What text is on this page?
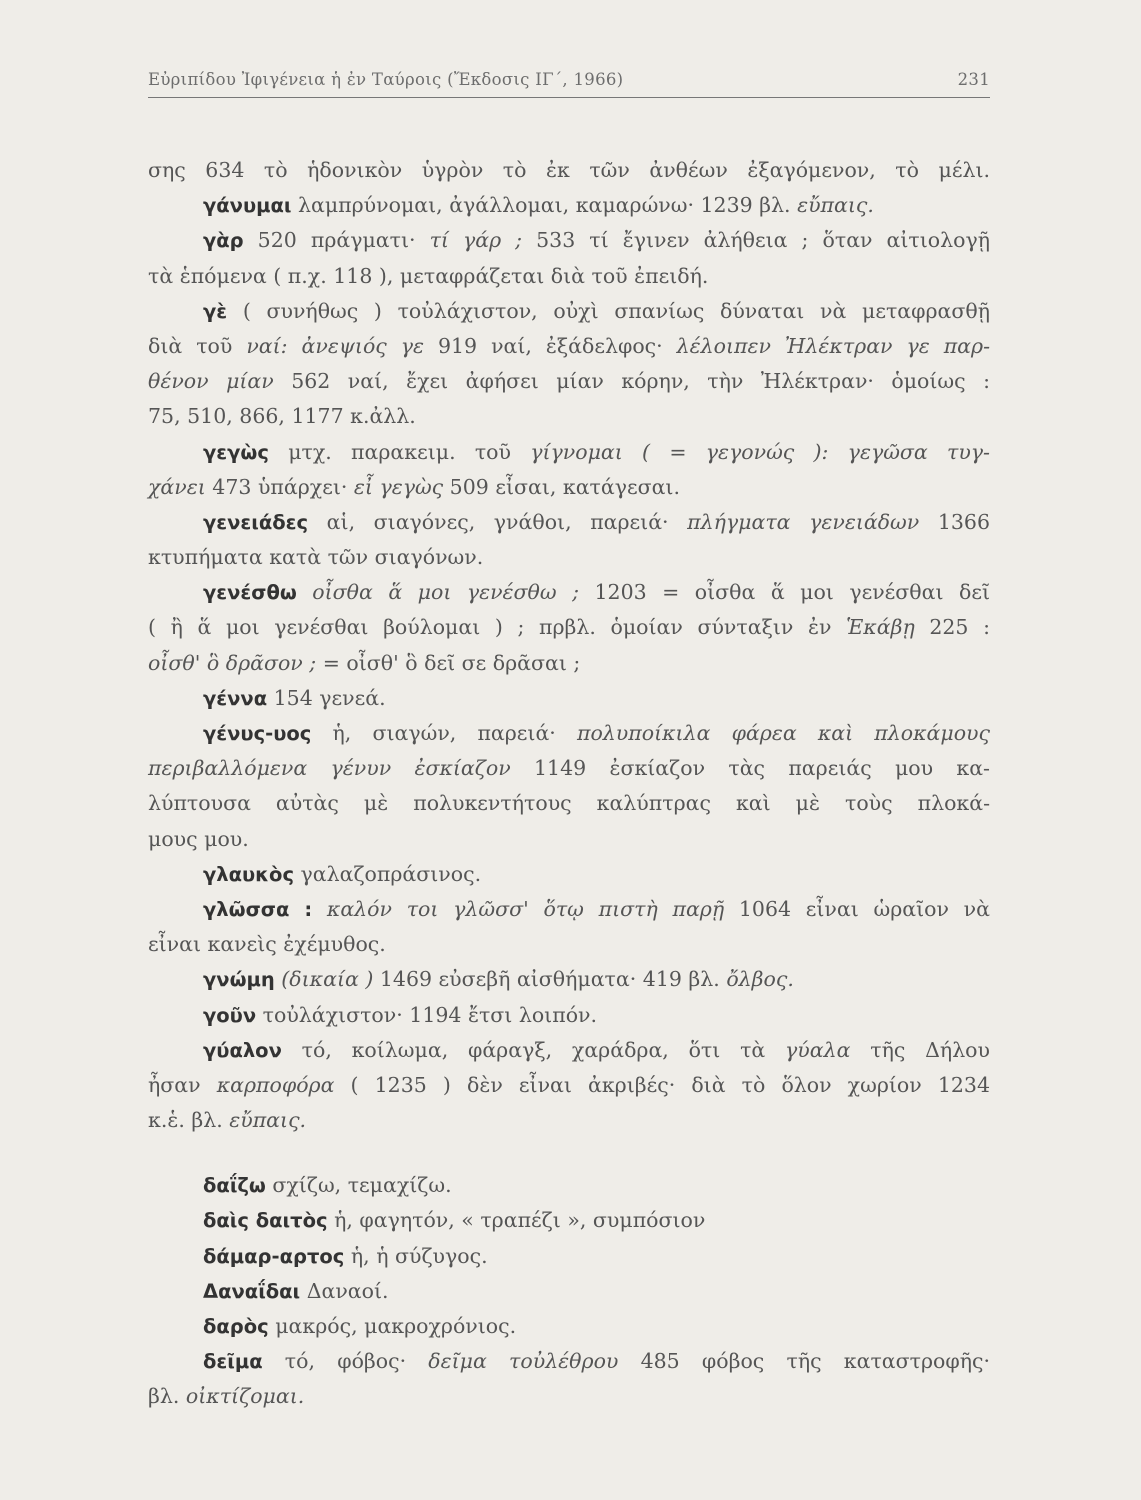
Εὐριπίδου Ἰφιγένεια ἡ ἐν Ταύροις (Ἔκδοσις ΙΓ΄, 1966)	231
σης 634 τὸ ἡδονικὸν ὑγρὸν τὸ ἐκ τῶν ἀνθέων ἐξαγόμενον, τὸ μέλι.
γάνυμαι λαμπρύνομαι, ἀγάλλομαι, καμαρώνω· 1239 βλ. εὔπαις.
γὰρ 520 πράγματι· τί γάρ ; 533 τί ἔγινεν ἀλήθεια ; ὅταν αἰτιολογῇ
τὰ ἑπόμενα ( π.χ. 118 ), μεταφράζεται διὰ τοῦ ἐπειδή.
γὲ ( συνήθως ) τοὐλάχιστον, οὐχὶ σπανίως δύναται νὰ μεταφρασθῇ
διὰ τοῦ ναί: ἀνεψιός γε 919 ναί, ἐξάδελφος· λέλοιπεν Ἠλέκτραν γε παρ-
θένον μίαν 562 ναί, ἔχει ἀφήσει μίαν κόρην, τὴν Ἠλέκτραν· ὁμοίως :
75, 510, 866, 1177 κ.ἀλλ.
γεγὼς μτχ. παρακειμ. τοῦ γίγνομαι ( = γεγονώς ): γεγῶσα τυγ-
χάνει 473 ὑπάρχει· εἶ γεγὼς 509 εἶσαι, κατάγεσαι.
γενειάδες αἱ, σιαγόνες, γνάθοι, παρειά· πλήγματα γενειάδων 1366
κτυπήματα κατὰ τῶν σιαγόνων.
γενέσθω οἶσθα ἅ μοι γενέσθω ; 1203 = οἶσθα ἅ μοι γενέσθαι δεῖ
( ἢ ἅ μοι γενέσθαι βούλομαι ) ; πρβλ. ὁμοίαν σύνταξιν ἐν Ἑκάβῃ 225 :
οἶσθ' ὃ δρᾶσον ; = οἶσθ' ὃ δεῖ σε δρᾶσαι ;
γέννα 154 γενεά.
γένυς-υος ἡ, σιαγών, παρειά· πολυποίκιλα φάρεα καὶ πλοκάμους
περιβαλλόμενα γένυν ἐσκίαζον 1149 ἐσκίαζον τὰς παρειάς μου κα-
λύπτουσα αὐτὰς μὲ πολυκεντήτους καλύπτρας καὶ μὲ τοὺς πλοκά-
μους μου.
γλαυκὸς γαλαζοπράσινος.
γλῶσσα : καλόν τοι γλῶσσ' ὅτῳ πιστὴ παρῇ 1064 εἶναι ὡραῖον νὰ
εἶναι κανεὶς ἐχέμυθος.
γνώμη (δικαία ) 1469 εὐσεβῆ αἰσθήματα· 419 βλ. ὄλβος.
γοῦν τοὐλάχιστον· 1194 ἔτσι λοιπόν.
γύαλον τό, κοίλωμα, φάραγξ, χαράδρα, ὅτι τὰ γύαλα τῆς Δήλου
ἦσαν καρποφόρα ( 1235 ) δὲν εἶναι ἀκριβές· διὰ τὸ ὅλον χωρίον 1234
κ.ἑ. βλ. εὔπαις.
δαΐζω σχίζω, τεμαχίζω.
δαὶς δαιτὸς ἡ, φαγητόν, « τραπέζι », συμπόσιον
δάμαρ-αρτος ἡ, ἡ σύζυγος.
Δαναΐδαι Δαναοί.
δαρὸς μακρός, μακροχρόνιος.
δεῖμα τό, φόβος· δεῖμα τοὐλέθρου 485 φόβος τῆς καταστροφῆς·
βλ. οἰκτίζομαι.
